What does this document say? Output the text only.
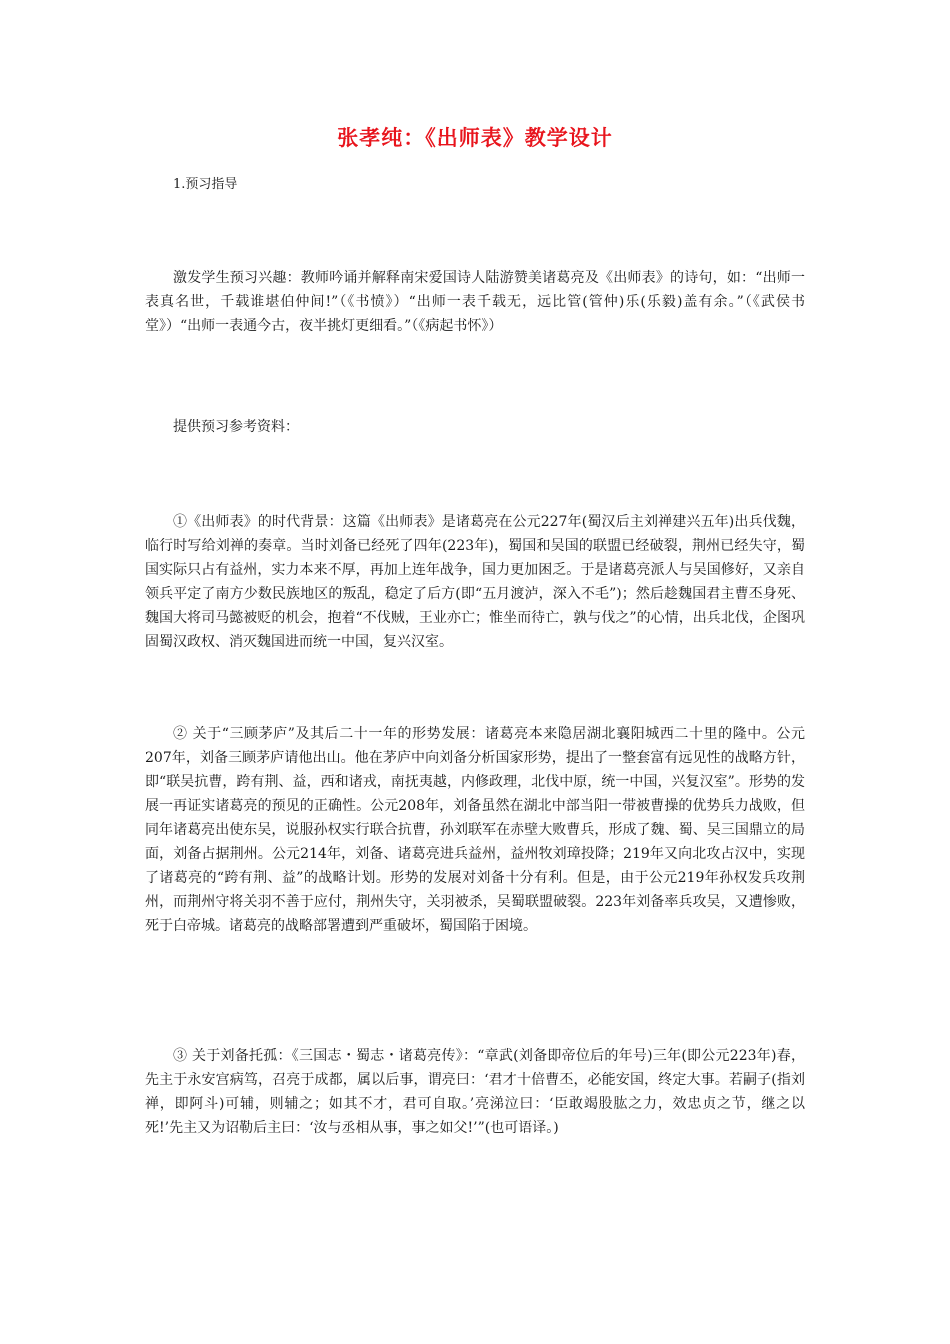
张孝纯：《出师表》教学设计
1.预习指导
激发学生预习兴趣：教师吟诵并解释南宋爱国诗人陆游赞美诸葛亮及《出师表》的诗句，如：“出师一表真名世，千载谁堪伯仲间!”（《书愤》）“出师一表千载无，远比管(管仲)乐(乐毅)盖有余。”（《武侯书堂》）“出师一表通今古，夜半挑灯更细看。”（《病起书怀》）
提供预习参考资料：
①《出师表》的时代背景：这篇《出师表》是诸葛亮在公元227年(蜀汉后主刘禅建兴五年)出兵伐魏，临行时写给刘禅的奏章。当时刘备已经死了四年(223年)，蜀国和吴国的联盟已经破裂，荆州已经失守，蜀国实际只占有益州，实力本来不厚，再加上连年战争，国力更加困乏。于是诸葛亮派人与吴国修好，又亲自领兵平定了南方少数民族地区的叛乱，稳定了后方(即“五月渡泸，深入不毛”)；然后趁魏国君主曹丕身死、魏国大将司马懿被贬的机会，抱着“不伐贼，王业亦亡；惟坐而待亡，孰与伐之”的心情，出兵北伐，企图巩固蜀汉政权、消灭魏国进而统一中国，复兴汉室。
② 关于“三顾茅庐”及其后二十一年的形势发展：诸葛亮本来隐居湖北襄阳城西二十里的隆中。公元207年，刘备三顾茅庐请他出山。他在茅庐中向刘备分析国家形势，提出了一整套富有远见性的战略方针，即“联吴抗曹，跨有荆、益，西和诸戎，南抚夷越，内修政理，北伐中原，统一中国，兴复汉室”。形势的发展一再证实诸葛亮的预见的正确性。公元208年，刘备虽然在湖北中部当阳一带被曹操的优势兵力战败，但同年诸葛亮出使东吴，说服孙权实行联合抗曹，孙刘联军在赤壁大败曹兵，形成了魏、蜀、吴三国鼎立的局面，刘备占据荆州。公元214年，刘备、诸葛亮进兵益州，益州牧刘璋投降；219年又向北攻占汉中，实现了诸葛亮的“跨有荆、益”的战略计划。形势的发展对刘备十分有利。但是，由于公元219年孙权发兵攻荆州，而荆州守将关羽不善于应付，荆州失守，关羽被杀，吴蜀联盟破裂。223年刘备率兵攻吴，又遭惨败，死于白帝城。诸葛亮的战略部署遭到严重破坏，蜀国陷于困境。
③ 关于刘备托孤：《三国志・蜀志・诸葛亮传》：“章武(刘备即帝位后的年号)三年(即公元223年)春，先主于永安宫病笃，召亮于成都，属以后事，谓亮曰：‘君才十倍曹丕，必能安国，终定大事。若嗣子(指刘禅，即阿斗)可辅，则辅之；如其不才，君可自取。’亮涕泣曰：‘臣敢竭股肱之力，效忠贞之节，继之以死!’先主又为诏勒后主曰：‘汝与丞相从事，事之如父!’”(也可语译。)
